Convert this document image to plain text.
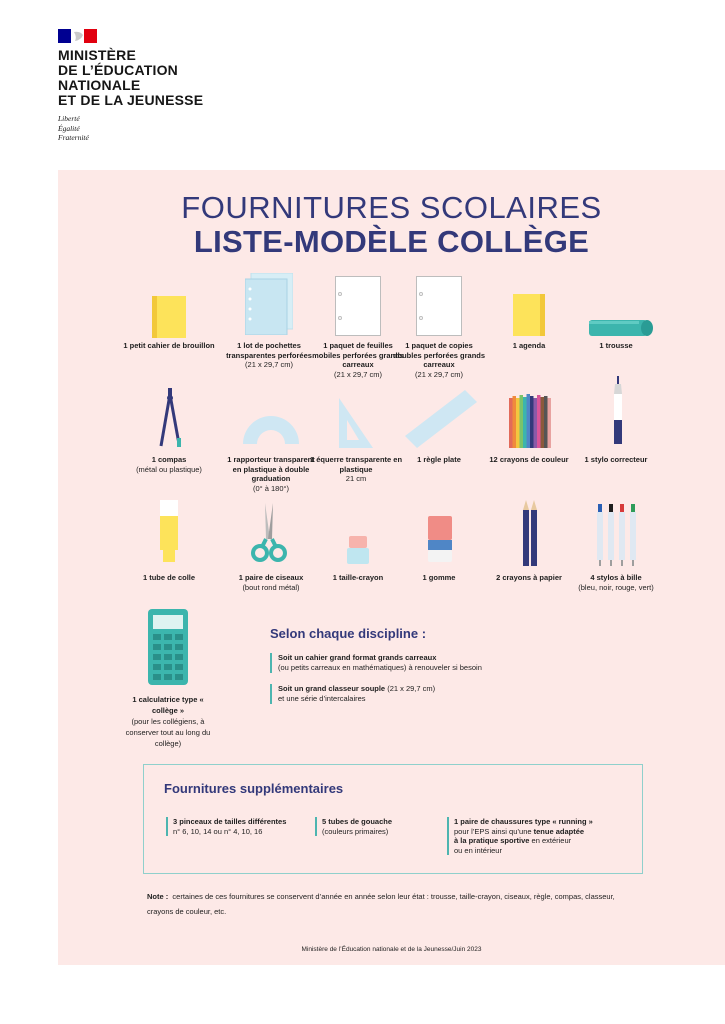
MINISTÈRE
DE L’ÉDUCATION
NATIONALE
ET DE LA JEUNESSE
Liberté
Égalité
Fraternité
FOURNITURES SCOLAIRES
LISTE-MODÈLE COLLÈGE
1 petit cahier de brouillon	1 lot de pochettes transparentes perforées
(21 x 29,7 cm)
1 paquet de feuilles mobiles perforées grands carreaux
(21 x 29,7 cm)
1 paquet de copies doubles perforées grands carreaux
(21 x 29,7 cm)
1 agenda	1 trousse
1 compas
(métal ou plastique)
1 rapporteur transparent en plastique à double graduation
(0° à 180°)
1 équerre transparente en plastique
21 cm
1 règle plate	12 crayons de couleur	1 stylo correcteur
1 tube de colle	1 paire de ciseaux
(bout rond métal)
1 taille-crayon	1 gomme	2 crayons à papier	4 stylos à bille
(bleu, noir, rouge, vert)
1 calculatrice type « collège »
(pour les collégiens, à conserver tout au long du collège)
Selon chaque discipline :
Soit un cahier grand format grands carreaux
(ou petits carreaux en mathématiques) à renouveler si besoin
Soit un grand classeur souple (21 x 29,7 cm)
et une série d’intercalaires
Fournitures supplémentaires
3 pinceaux de tailles différentes
n° 6, 10, 14 ou n° 4, 10, 16
5 tubes de gouache
(couleurs primaires)
1 paire de chaussures type « running »
pour l’EPS ainsi qu’une tenue adaptée
à la pratique sportive en extérieur
ou en intérieur
Note : certaines de ces fournitures se conservent d’année en année selon leur état : trousse, taille-crayon, ciseaux, règle, compas, classeur, crayons de couleur, etc.
Ministère de l’Éducation nationale et de la Jeunesse/Juin 2023
